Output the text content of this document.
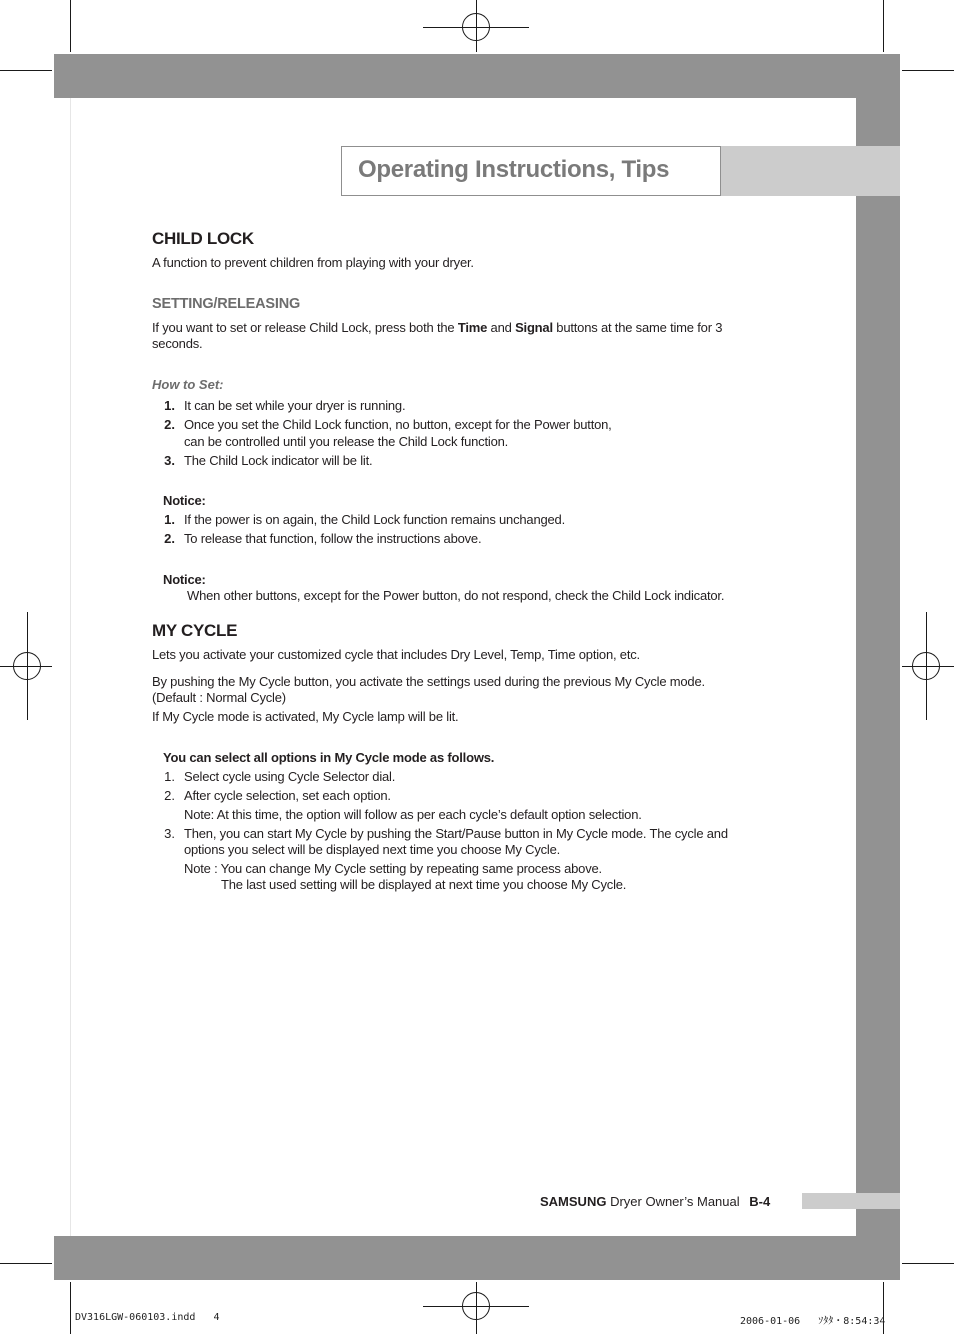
Operating Instructions, Tips
CHILD LOCK
A function to prevent children from playing with your dryer.
SETTING/RELEASING
If you want to set or release Child Lock, press both the Time and Signal buttons at the same time for 3
seconds.
How to Set:
1. It can be set while your dryer is running.
2. Once you set the Child Lock function, no button, except for the Power button,
can be controlled until you release the Child Lock function.
3. The Child Lock indicator will be lit.
Notice:
1. If the power is on again, the Child Lock function remains unchanged.
2. To release that function, follow the instructions above.
Notice:
When other buttons, except for the Power button, do not respond, check the Child Lock indicator.
MY CYCLE
Lets you activate your customized cycle that includes Dry Level, Temp, Time option, etc.
By pushing the My Cycle button, you activate the settings used during the previous My Cycle mode.
(Default : Normal Cycle)
If My Cycle mode is activated, My Cycle lamp will be lit.
You can select all options in My Cycle mode as follows.
1. Select cycle using Cycle Selector dial.
2. After cycle selection, set each option.
Note: At this time, the option will follow as per each cycle’s default option selection.
3. Then, you can start My Cycle by pushing the Start/Pause button in My Cycle mode. The cycle and
options you select will be displayed next time you choose My Cycle.
Note : You can change My Cycle setting by repeating same process above.
The last used setting will be displayed at next time you choose My Cycle.
SAMSUNG Dryer Owner’s Manual B-4
DV316LGW-060103.indd   4	2006-01-06   ｿﾀﾀ・8:54:34
